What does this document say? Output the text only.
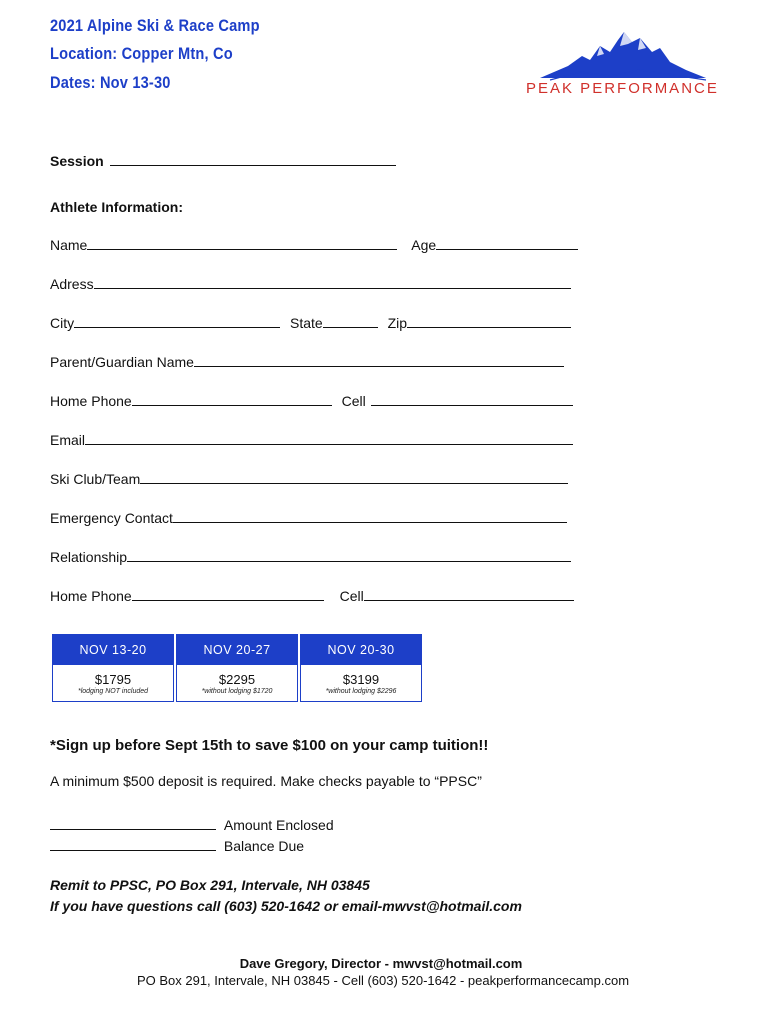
2021 Alpine Ski & Race Camp
Location: Copper Mtn, Co
Dates: Nov 13-30	PEAK PERFORMANCE
Session
Athlete Information:
Name	Age
Adress
City	State	Zip
Parent/Guardian Name
Home Phone	Cell
Email
Ski Club/Team
Emergency Contact
Relationship
Home Phone	Cell
NOV 13-20
$1795
*lodging NOT included
NOV 20-27
$2295
*without lodging $1720
NOV 20-30
$3199
*without lodging $2296
*Sign up before Sept 15th to save $100 on your camp tuition!!
A minimum $500 deposit is required. Make checks payable to “PPSC”
Amount Enclosed
Balance Due
Remit to PPSC, PO Box 291, Intervale, NH 03845
If you have questions call (603) 520-1642 or email-mwvst@hotmail.com
Dave Gregory, Director - mwvst@hotmail.com
PO Box 291, Intervale, NH 03845 - Cell (603) 520-1642 - peakperformancecamp.com
